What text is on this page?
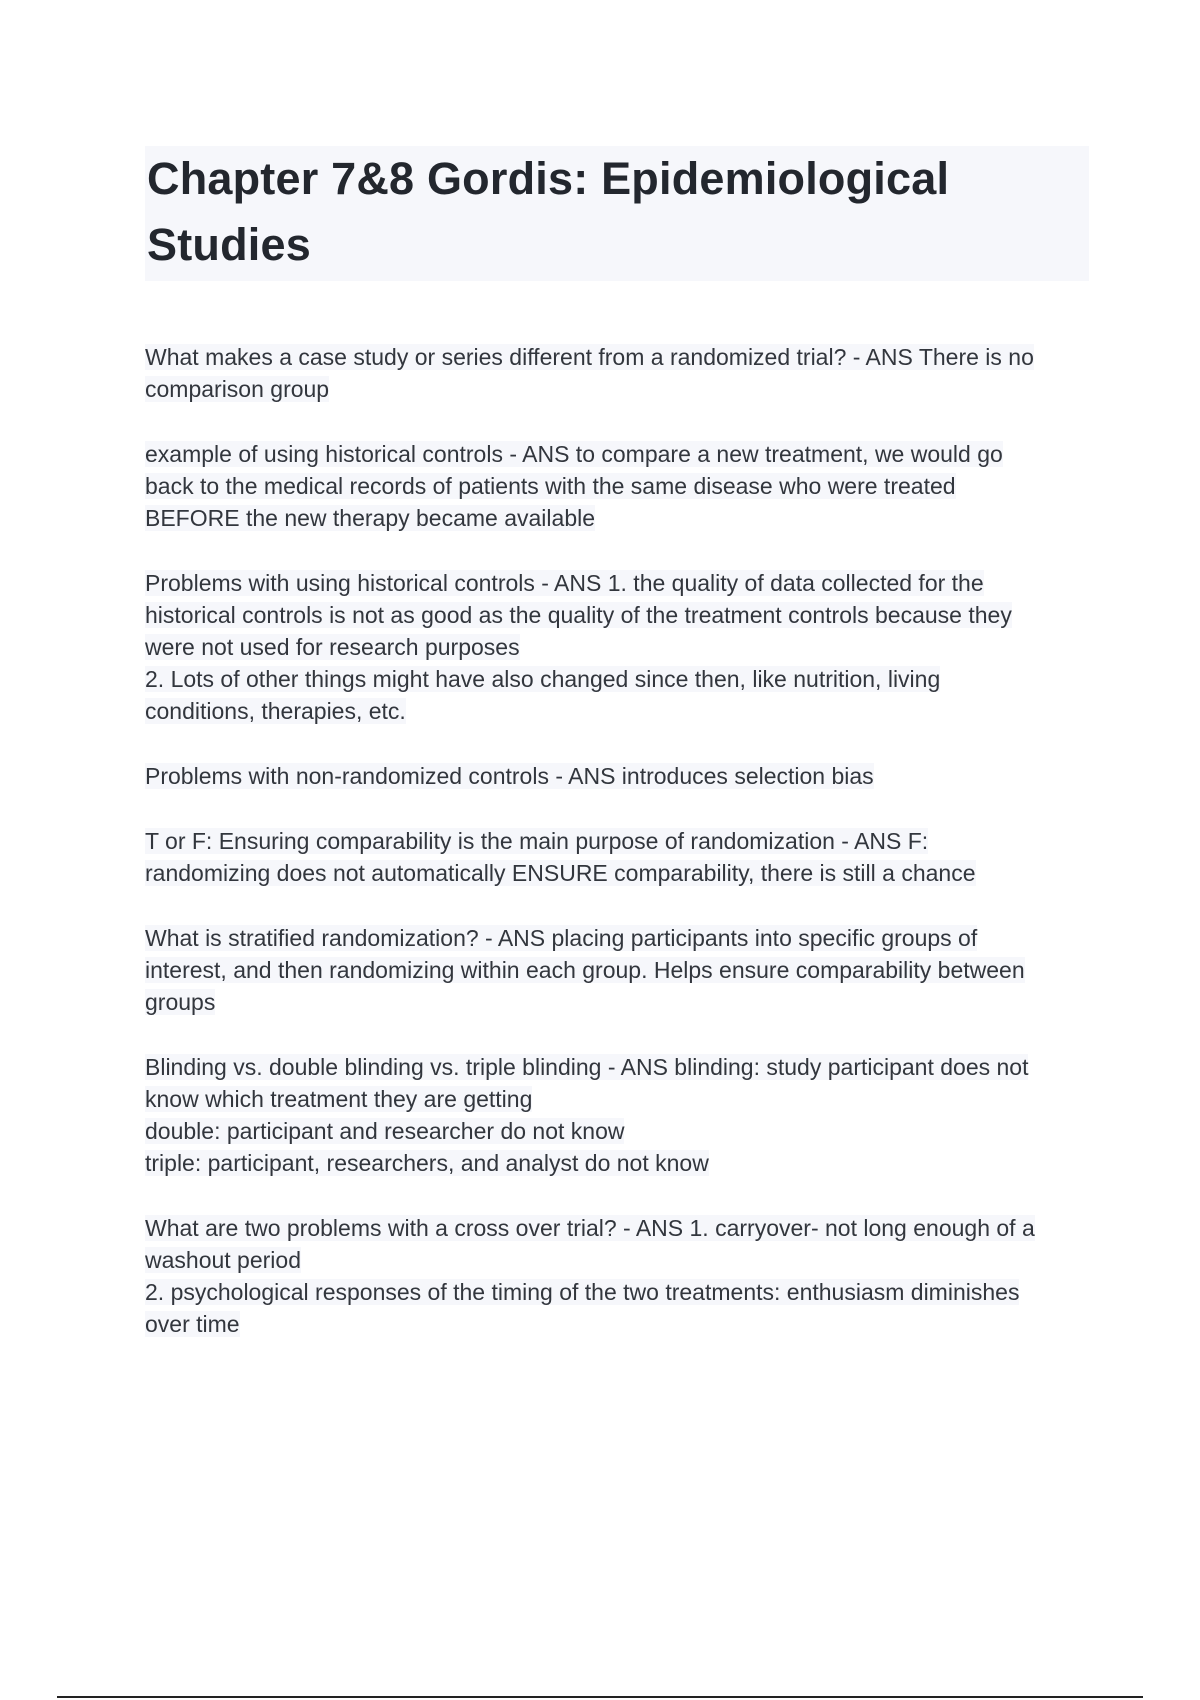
Chapter 7&8 Gordis: Epidemiological Studies

What makes a case study or series different from a randomized trial? - ANS There is no
comparison group

example of using historical controls - ANS to compare a new treatment, we would go
back to the medical records of patients with the same disease who were treated
BEFORE the new therapy became available

Problems with using historical controls - ANS 1. the quality of data collected for the
historical controls is not as good as the quality of the treatment controls because they
were not used for research purposes
2. Lots of other things might have also changed since then, like nutrition, living
conditions, therapies, etc.

Problems with non-randomized controls - ANS introduces selection bias

T or F: Ensuring comparability is the main purpose of randomization - ANS F:
randomizing does not automatically ENSURE comparability, there is still a chance

What is stratified randomization? - ANS placing participants into specific groups of
interest, and then randomizing within each group. Helps ensure comparability between
groups

Blinding vs. double blinding vs. triple blinding - ANS blinding: study participant does not
know which treatment they are getting
double: participant and researcher do not know
triple: participant, researchers, and analyst do not know

What are two problems with a cross over trial? - ANS 1. carryover- not long enough of a
washout period
2. psychological responses of the timing of the two treatments: enthusiasm diminishes
over time
